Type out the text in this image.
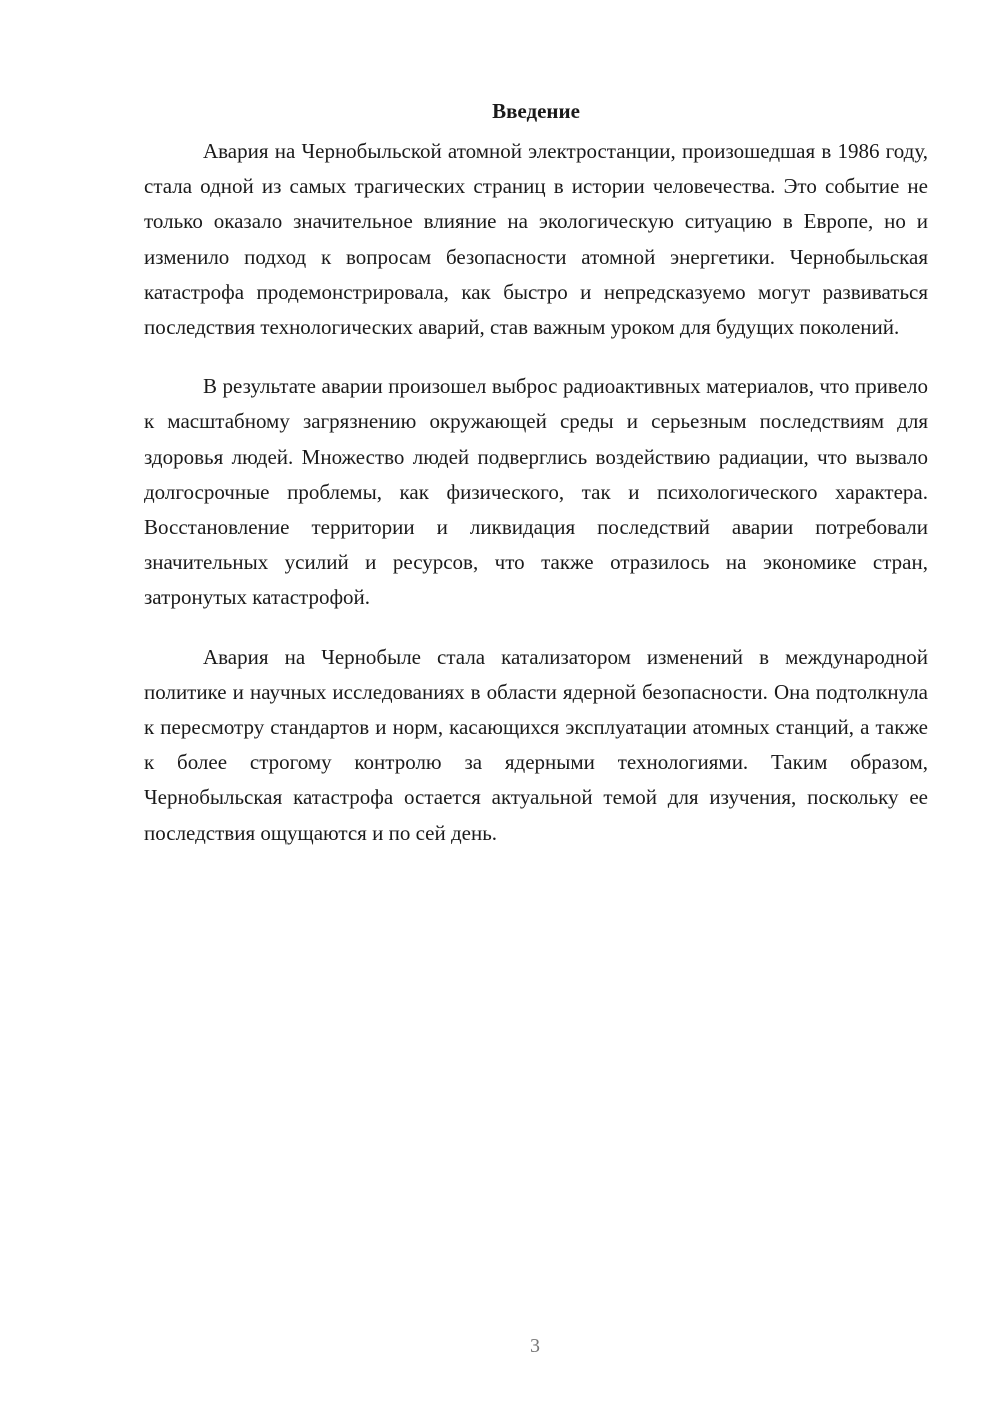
Введение

Авария на Чернобыльской атомной электростанции, произошедшая в 1986 году, стала одной из самых трагических страниц в истории человечества. Это событие не только оказало значительное влияние на экологическую ситуацию в Европе, но и изменило подход к вопросам безопасности атомной энергетики. Чернобыльская катастрофа продемонстрировала, как быстро и непредсказуемо могут развиваться последствия технологических аварий, став важным уроком для будущих поколений.

В результате аварии произошел выброс радиоактивных материалов, что привело к масштабному загрязнению окружающей среды и серьезным последствиям для здоровья людей. Множество людей подверглись воздействию радиации, что вызвало долгосрочные проблемы, как физического, так и психологического характера. Восстановление территории и ликвидация последствий аварии потребовали значительных усилий и ресурсов, что также отразилось на экономике стран, затронутых катастрофой.

Авария на Чернобыле стала катализатором изменений в международной политике и научных исследованиях в области ядерной безопасности. Она подтолкнула к пересмотру стандартов и норм, касающихся эксплуатации атомных станций, а также к более строгому контролю за ядерными технологиями. Таким образом, Чернобыльская катастрофа остается актуальной темой для изучения, поскольку ее последствия ощущаются и по сей день.

3
